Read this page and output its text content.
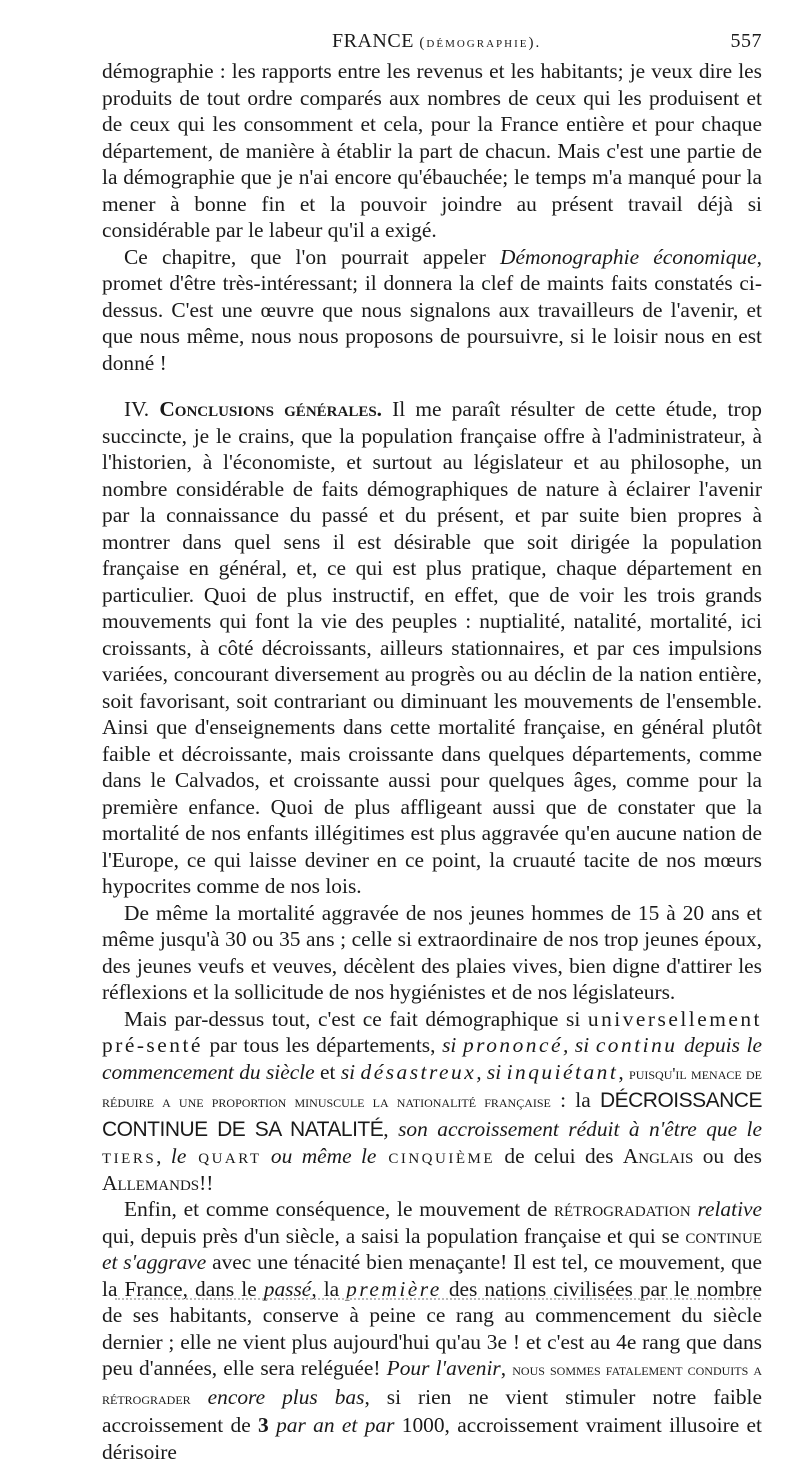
FRANCE (démographie).	557

démographie : les rapports entre les revenus et les habitants; je veux dire les produits de tout ordre comparés aux nombres de ceux qui les produisent et de ceux qui les consomment et cela, pour la France entière et pour chaque département, de manière à établir la part de chacun. Mais c'est une partie de la démographie que je n'ai encore qu'ébauchée; le temps m'a manqué pour la mener à bonne fin et la pouvoir joindre au présent travail déjà si considérable par le labeur qu'il a exigé.

Ce chapitre, que l'on pourrait appeler Démonographie économique, promet d'être très-intéressant; il donnera la clef de maints faits constatés ci-dessus. C'est une œuvre que nous signalons aux travailleurs de l'avenir, et que nous même, nous nous proposons de poursuivre, si le loisir nous en est donné !

IV. Conclusions générales. Il me paraît résulter de cette étude, trop succincte, je le crains, que la population française offre à l'administrateur, à l'historien, à l'économiste, et surtout au législateur et au philosophe, un nombre considérable de faits démographiques de nature à éclairer l'avenir par la connaissance du passé et du présent, et par suite bien propres à montrer dans quel sens il est désirable que soit dirigée la population française en général, et, ce qui est plus pratique, chaque département en particulier. Quoi de plus instructif, en effet, que de voir les trois grands mouvements qui font la vie des peuples : nuptialité, natalité, mortalité, ici croissants, à côté décroissants, ailleurs stationnaires, et par ces impulsions variées, concourant diversement au progrès ou au déclin de la nation entière, soit favorisant, soit contrariant ou diminuant les mouvements de l'ensemble. Ainsi que d'enseignements dans cette mortalité française, en général plutôt faible et décroissante, mais croissante dans quelques départements, comme dans le Calvados, et croissante aussi pour quelques âges, comme pour la première enfance. Quoi de plus affligeant aussi que de constater que la mortalité de nos enfants illégitimes est plus aggravée qu'en aucune nation de l'Europe, ce qui laisse deviner en ce point, la cruauté tacite de nos mœurs hypocrites comme de nos lois.

De même la mortalité aggravée de nos jeunes hommes de 15 à 20 ans et même jusqu'à 30 ou 35 ans ; celle si extraordinaire de nos trop jeunes époux, des jeunes veufs et veuves, décèlent des plaies vives, bien digne d'attirer les réflexions et la sollicitude de nos hygiénistes et de nos législateurs.

Mais par-dessus tout, c'est ce fait démographique si universellement pré-senté par tous les départements, si prononcé, si continu depuis le commencement du siècle et si désastreux, si inquiétant, puisqu'il menace de réduire a une proportion minuscule la nationalité française : la DÉCROISSANCE CONTINUE DE SA NATALITÉ, son accroissement réduit à n'être que le tiers, le quart ou même le cinquième de celui des Anglais ou des Allemands!!

Enfin, et comme conséquence, le mouvement de rétrogradation relative qui, depuis près d'un siècle, a saisi la population française et qui se continue et s'aggrave avec une ténacité bien menaçante! Il est tel, ce mouvement, que la France, dans le passé, la première des nations civilisées par le nombre de ses habitants, conserve à peine ce rang au commencement du siècle dernier ; elle ne vient plus aujourd'hui qu'au 3e ! et c'est au 4e rang que dans peu d'années, elle sera reléguée! Pour l'avenir, nous sommes fatalement conduits a rétrograder encore plus bas, si rien ne vient stimuler notre faible accroissement de 3 par an et par 1000, accroissement vraiment illusoire et dérisoire
